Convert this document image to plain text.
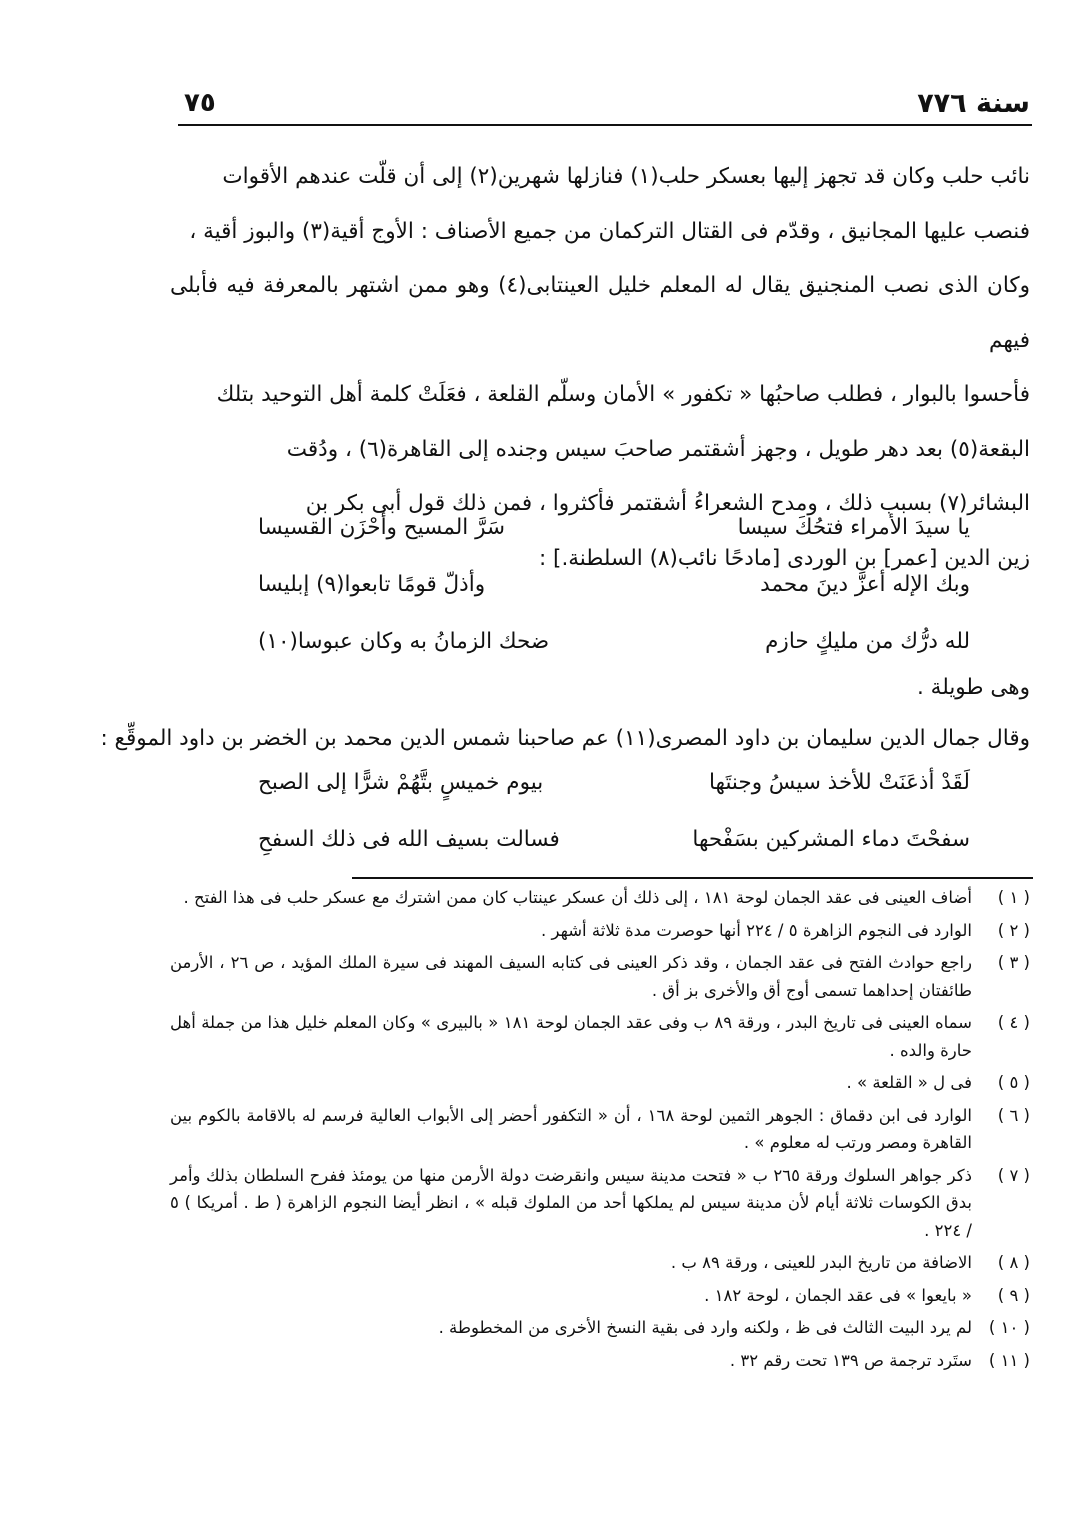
سنة ٧٧٦
٧٥

نائب حلب وكان قد تجهز إليها بعسكر حلب(١) فنازلها شهرين(٢) إلى أن قلّت عندهم الأقوات

فنصب عليها المجانيق ، وقدّم فى القتال التركمان من جميع الأصناف : الأوج أقية(٣) والبوز أقية ،

وكان الذى نصب المنجنيق يقال له المعلم خليل العينتابى(٤) وهو ممن اشتهر بالمعرفة فيه فأبلى فيهم

فأحسوا بالبوار ، فطلب صاحبُها « تكفور » الأمان وسلّم القلعة ، فعَلَتْ كلمة أهل التوحيد بتلك

البقعة(٥) بعد دهر طويل ، وجهز أشقتمر صاحبَ سيس وجنده إلى القاهرة(٦) ، ودُقت

البشائر(٧) بسبب ذلك ، ومدح الشعراءُ أشقتمر فأكثروا ، فمن ذلك قول أبى بكر بن

زين الدين [عمر] بن الوردى [مادحًا نائب(٨) السلطنة.] :

يا سيدَ الأمراء فتحُكَ سيسا
سَرَّ المسيح وأحْزَن القسيسا
وبك الإله أعزَّ دينَ محمد
وأذلّ قومًا تابعوا(٩) إبليسا
لله درُّك من مليكٍ حازم
ضحك الزمانُ به وكان عبوسا(١٠)
وهى طويلة .
وقال جمال الدين سليمان بن داود المصرى(١١) عم صاحبنا شمس الدين محمد بن الخضر بن داود الموقِّع :
لَقَدْ أذعَنَتْ للأخذ سيسُ وجنتَها
بيوم خميسٍ بتَّهُمْ شرًّا إلى الصبح
سفحْتَ دماء المشركين بسَفْحها
فسالت بسيف الله فى ذلك السفحِ
( ١ )
أضاف العينى فى عقد الجمان لوحة ١٨١ ، إلى ذلك أن عسكر عينتاب كان ممن اشترك مع عسكر حلب فى هذا الفتح .
( ٢ )
الوارد فى النجوم الزاهرة ٥ / ٢٢٤ أنها حوصرت مدة ثلاثة أشهر .
( ٣ )
راجع حوادث الفتح فى عقد الجمان ، وقد ذكر العينى فى كتابه السيف المهند فى سيرة الملك المؤيد ، ص ٢٦ ، الأرمن طائفتان إحداهما تسمى أوج أق والأخرى بز أق .
( ٤ )
سماه العينى فى تاريخ البدر ، ورقة ٨٩ ب وفى عقد الجمان لوحة ١٨١ « بالبيرى » وكان المعلم خليل هذا من جملة أهل حارة والده .
( ٥ )
فى ل « القلعة » .
( ٦ )
الوارد فى ابن دقماق : الجوهر الثمين لوحة ١٦٨ ، أن « التكفور أحضر إلى الأبواب العالية فرسم له بالاقامة بالكوم بين القاهرة ومصر ورتب له معلوم » .
( ٧ )
ذكر جواهر السلوك ورقة ٢٦٥ ب « فتحت مدينة سيس وانقرضت دولة الأرمن منها من يومئذ ففرح السلطان بذلك وأمر بدق الكوسات ثلاثة أيام لأن مدينة سيس لم يملكها أحد من الملوك قبله » ، انظر أيضا النجوم الزاهرة ( ط . أمريكا ) ٥ / ٢٢٤ .
( ٨ )
الاضافة من تاريخ البدر للعينى ، ورقة ٨٩ ب .
( ٩ )
« بايعوا » فى عقد الجمان ، لوحة ١٨٢ .
( ١٠ )
لم يرد البيت الثالث فى ظ ، ولكنه وارد فى بقية النسخ الأخرى من المخطوطة .
( ١١ )
ستَرد ترجمة ص ١٣٩ تحت رقم ٣٢ .
